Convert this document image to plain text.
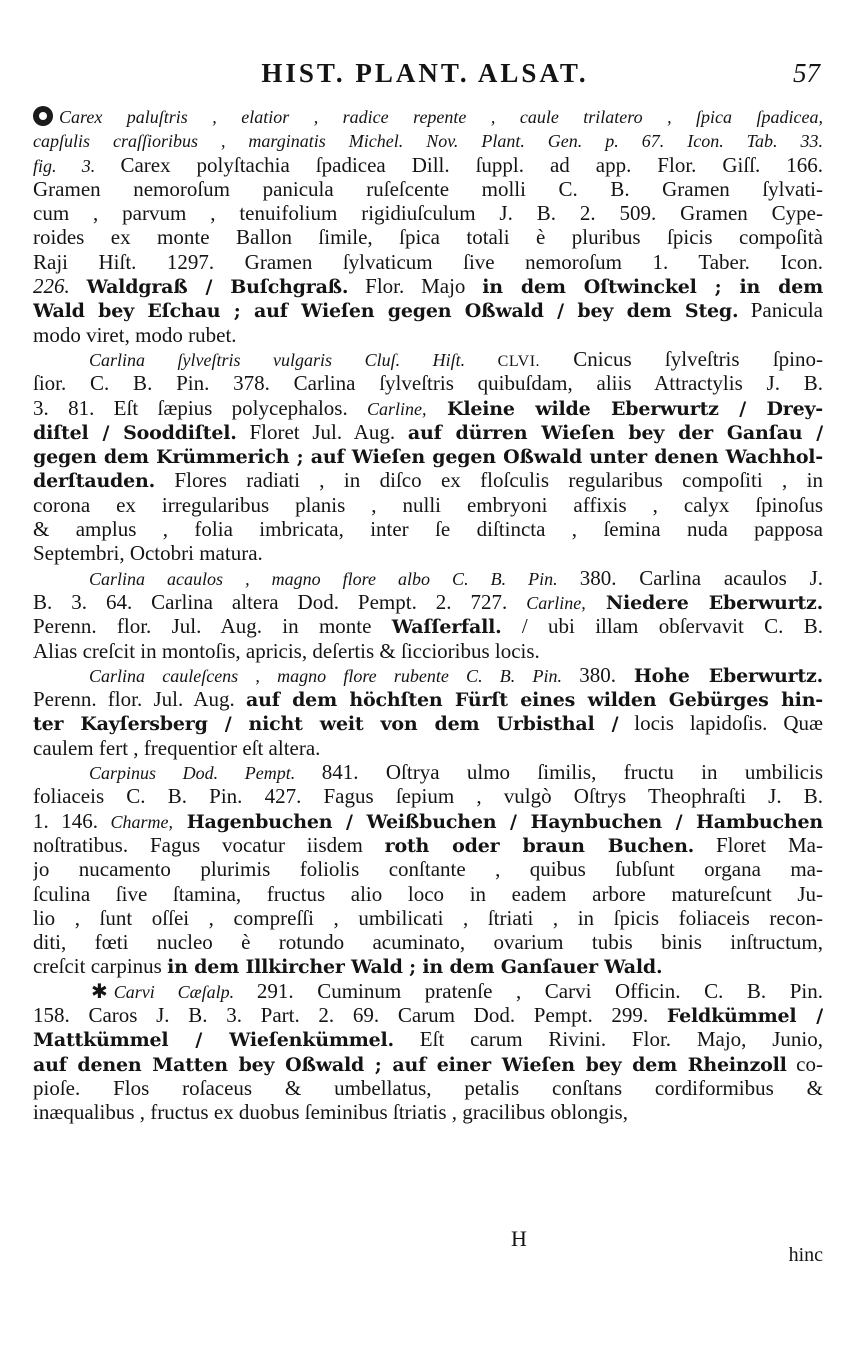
HIST. PLANT. ALSAT.	57
Carex paluſtris , elatior , radice repente , caule trilatero , ſpica ſpadicea,
capſulis craſſioribus , marginatis Michel. Nov. Plant. Gen. p. 67. Icon. Tab. 33.
fig. 3. Carex polyſtachia ſpadicea Dill. ſuppl. ad app. Flor. Giſſ. 166.
Gramen nemoroſum panicula ruſeſcente molli C. B. Gramen ſylvati-
cum , parvum , tenuifolium rigidiuſculum J. B. 2. 509. Gramen Cype-
roides ex monte Ballon ſimile, ſpica totali è pluribus ſpicis compoſità
Raji Hiſt. 1297. Gramen ſylvaticum ſive nemoroſum 1. Taber. Icon.
226. Waldgraß / Buſchgraß. Flor. Majo in dem Oſtwinckel ; in dem
Wald bey Eſchau ; auf Wieſen gegen Oßwald / bey dem Steg. Panicula
modo viret, modo rubet.
Carlina ſylveſtris vulgaris Cluſ. Hiſt. CLVI. Cnicus ſylveſtris ſpino-
ſior. C. B. Pin. 378. Carlina ſylveſtris quibuſdam, aliis Attractylis J. B.
3. 81. Eſt ſæpius polycephalos. Carline, Kleine wilde Eberwurtz / Drey-
diſtel / Sooddiſtel. Floret Jul. Aug. auf dürren Wieſen bey der Ganſau /
gegen dem Krümmerich ; auf Wieſen gegen Oßwald unter denen Wachhol-
derſtauden. Flores radiati , in diſco ex floſculis regularibus compoſiti , in
corona ex irregularibus planis , nulli embryoni affixis , calyx ſpinoſus
& amplus , folia imbricata, inter ſe diſtincta , ſemina nuda papposa
Septembri, Octobri matura.
Carlina acaulos , magno flore albo C. B. Pin. 380. Carlina acaulos J.
B. 3. 64. Carlina altera Dod. Pempt. 2. 727. Carline, Niedere Eberwurtz.
Perenn. flor. Jul. Aug. in monte Waſſerfall. / ubi illam obſervavit C. B.
Alias creſcit in montoſis, apricis, deſertis & ſiccioribus locis.
Carlina cauleſcens , magno flore rubente C. B. Pin. 380. Hohe Eberwurtz.
Perenn. flor. Jul. Aug. auf dem höchſten Fürſt eines wilden Gebürges hin-
ter Kayſersberg / nicht weit von dem Urbisthal / locis lapidoſis. Quæ
caulem fert , frequentior eſt altera.
Carpinus Dod. Pempt. 841. Oſtrya ulmo ſimilis, fructu in umbilicis
foliaceis C. B. Pin. 427. Fagus ſepium , vulgò Oſtrys Theophraſti J. B.
1. 146. Charme, Hagenbuchen / Weißbuchen / Haynbuchen / Hambuchen
noſtratibus. Fagus vocatur iisdem roth oder braun Buchen. Floret Ma-
jo nucamento plurimis foliolis conſtante , quibus ſubſunt organa ma-
ſculina ſive ſtamina, fructus alio loco in eadem arbore matureſcunt Ju-
lio , ſunt oſſei , compreſſi , umbilicati , ſtriati , in ſpicis foliaceis recon-
diti, fœti nucleo è rotundo acuminato, ovarium tubis binis inſtructum,
creſcit carpinus in dem Illkircher Wald ; in dem Ganſauer Wald.
✱ Carvi Cæſalp. 291. Cuminum pratenſe , Carvi Officin. C. B. Pin.
158. Caros J. B. 3. Part. 2. 69. Carum Dod. Pempt. 299. Feldkümmel /
Mattkümmel / Wieſenkümmel. Eſt carum Rivini. Flor. Majo, Junio,
auf denen Matten bey Oßwald ; auf einer Wieſen bey dem Rheinzoll co-
pioſe. Flos roſaceus & umbellatus, petalis conſtans cordiformibus &
inæqualibus , fructus ex duobus ſeminibus ſtriatis , gracilibus oblongis,
H
hinc
